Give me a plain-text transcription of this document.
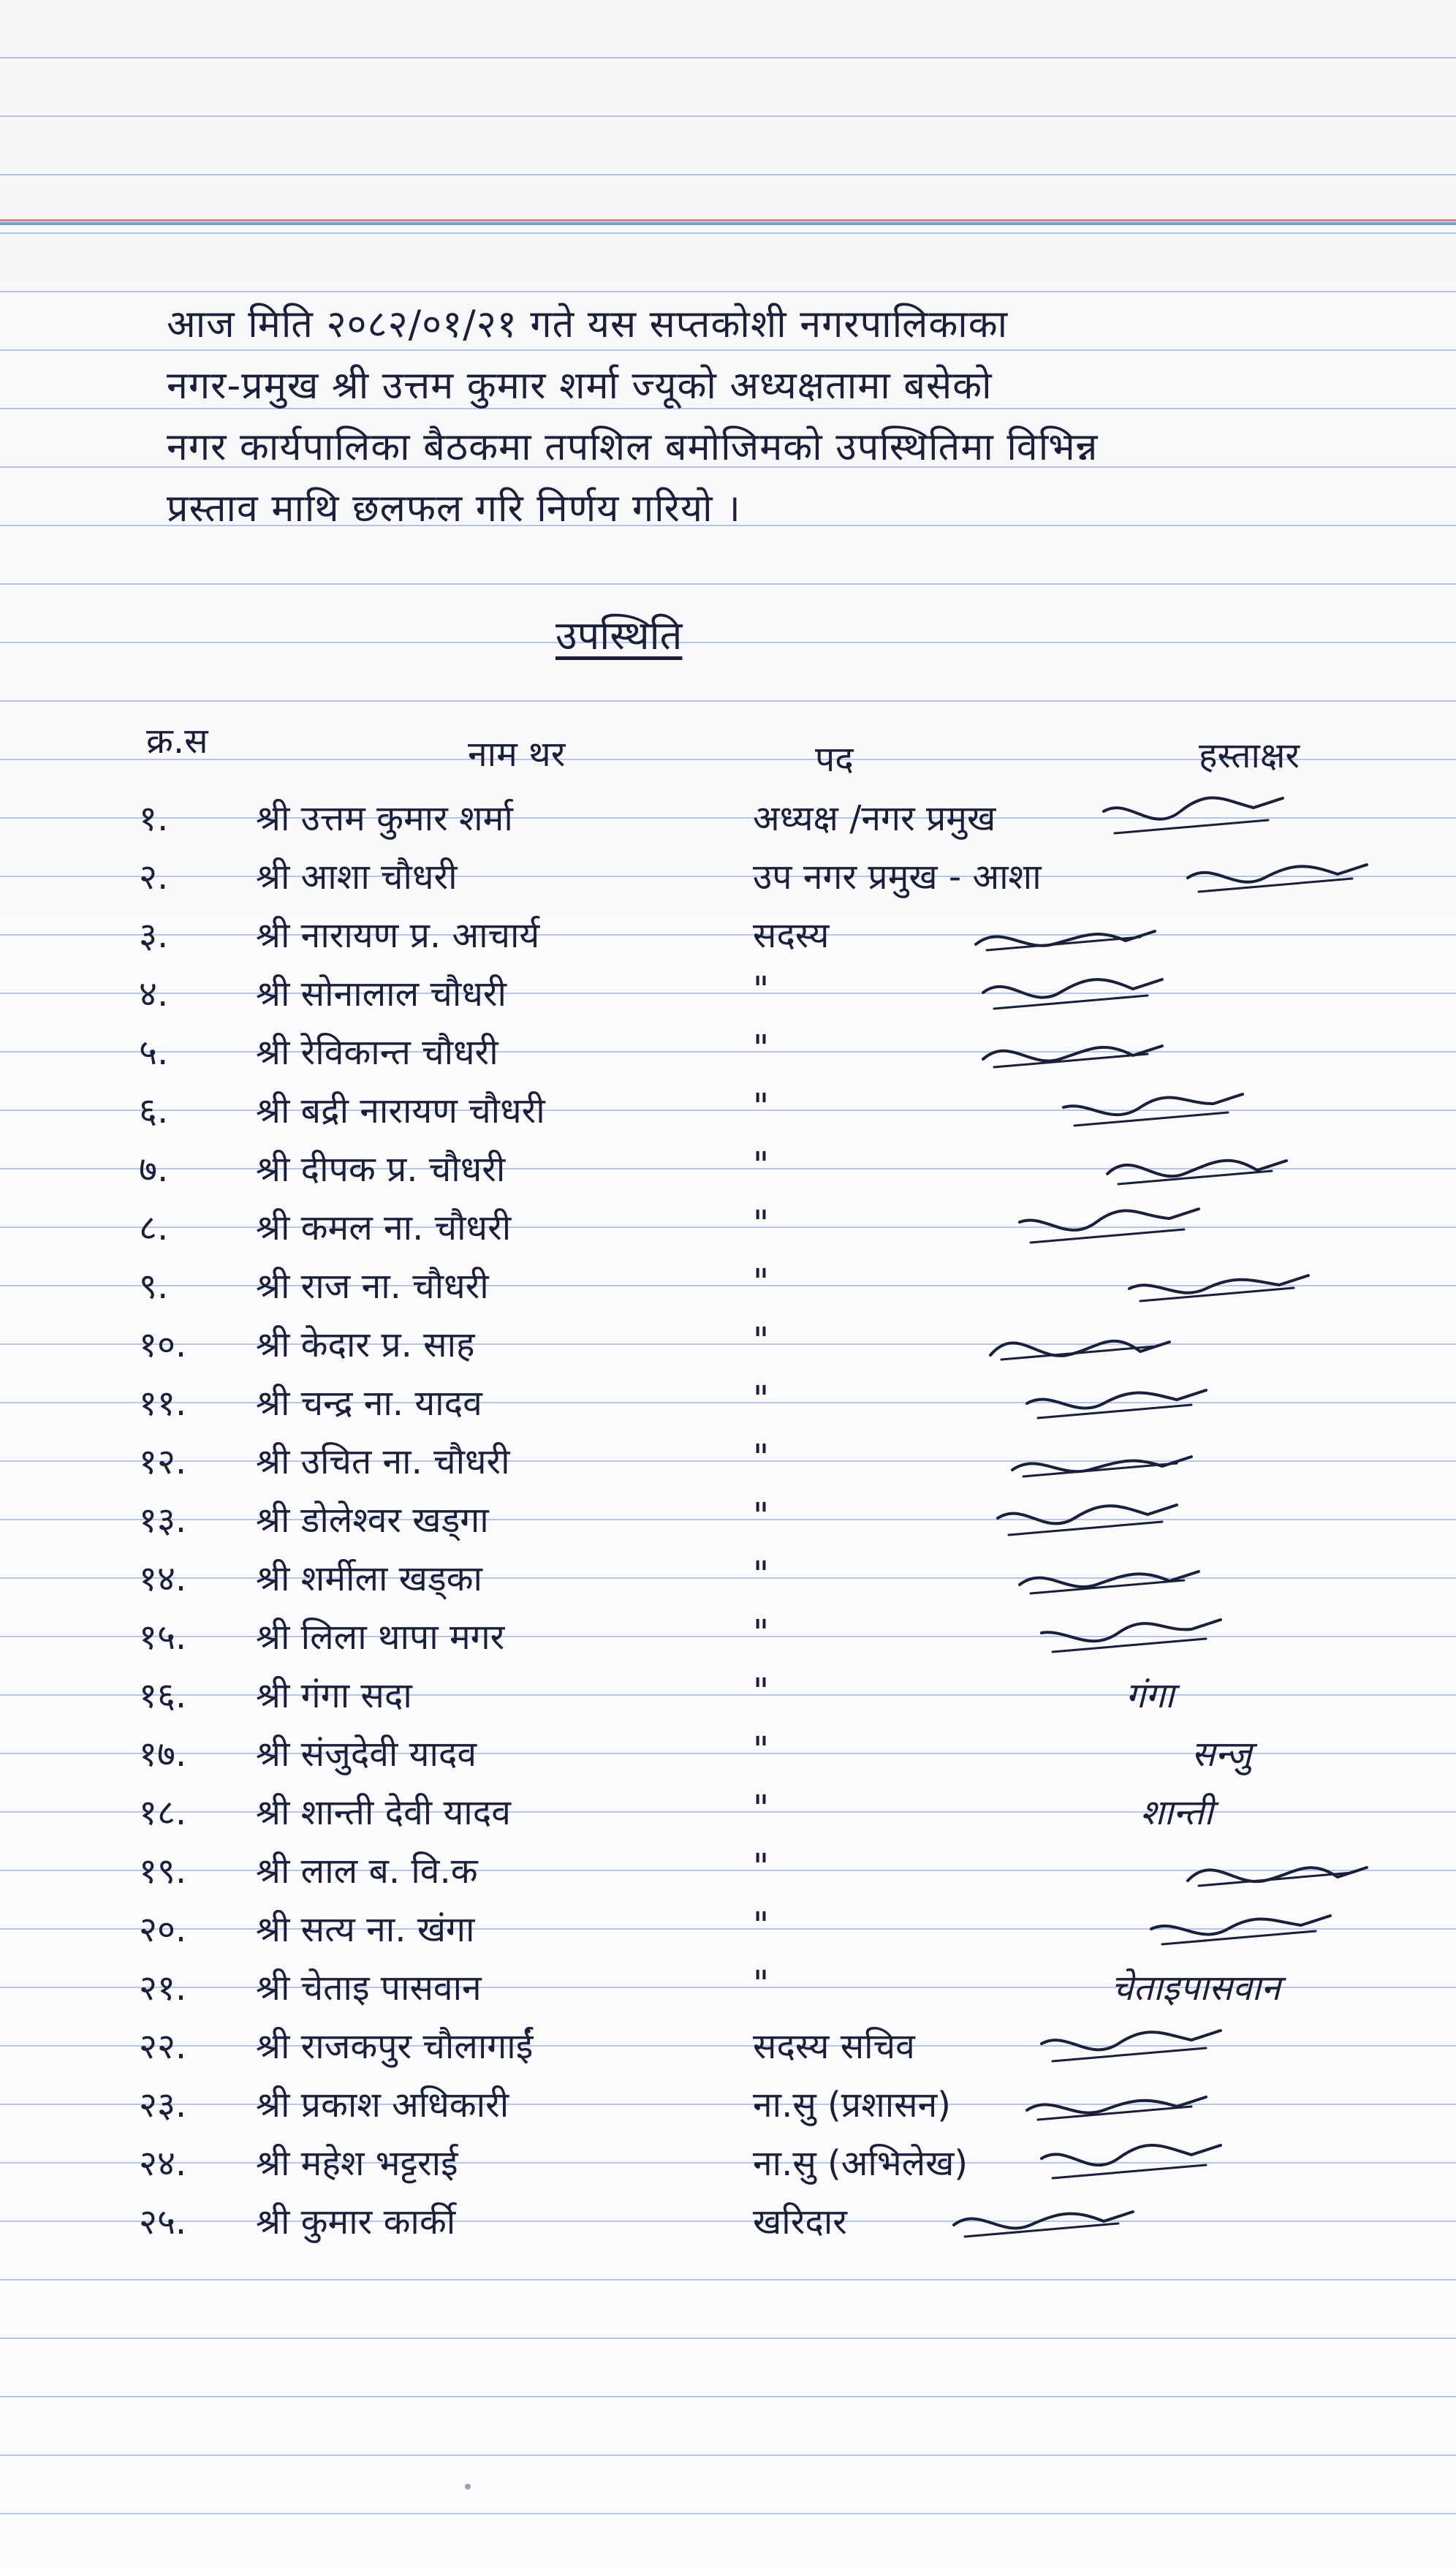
आज मिति २०८२/०१/२१ गते यस सप्तकोशी नगरपालिकाका
नगर-प्रमुख श्री उत्तम कुमार शर्मा ज्यूको अध्यक्षतामा बसेको
नगर कार्यपालिका बैठकमा तपशिल बमोजिमको उपस्थितिमा विभिन्न
प्रस्ताव माथि छलफल गरि निर्णय गरियो ।
उपस्थिति
क्र.स	नाम थर	पद	हस्ताक्षर
१.	श्री उत्तम कुमार शर्मा	अध्यक्ष /नगर प्रमुख
२.	श्री आशा चौधरी	उप नगर प्रमुख - आशा
३.	श्री नारायण प्र. आचार्य	सदस्य
४.	श्री सोनालाल चौधरी	"
५.	श्री रेविकान्त चौधरी	"
६.	श्री बद्री नारायण चौधरी	"
७.	श्री दीपक प्र. चौधरी	"
८.	श्री कमल ना. चौधरी	"
९.	श्री राज ना. चौधरी	"
१०.	श्री केदार प्र. साह	"
११.	श्री चन्द्र ना. यादव	"
१२.	श्री उचित ना. चौधरी	"
१३.	श्री डोलेश्वर खड्गा	"
१४.	श्री शर्मीला खड्का	"
१५.	श्री लिला थापा मगर	"
१६.	श्री गंगा सदा	"	गंगा
१७.	श्री संजुदेवी यादव	"	सन्जु
१८.	श्री शान्ती देवी यादव	"	शान्ती
१९.	श्री लाल ब. वि.क	"
२०.	श्री सत्य ना. खंगा	"
२१.	श्री चेताइ पासवान	"	चेताइपासवान
२२.	श्री राजकपुर चौलागाईं	सदस्य सचिव
२३.	श्री प्रकाश अधिकारी	ना.सु (प्रशासन)
२४.	श्री महेश भट्टराई	ना.सु (अभिलेख)
२५.	श्री कुमार कार्की	खरिदार
